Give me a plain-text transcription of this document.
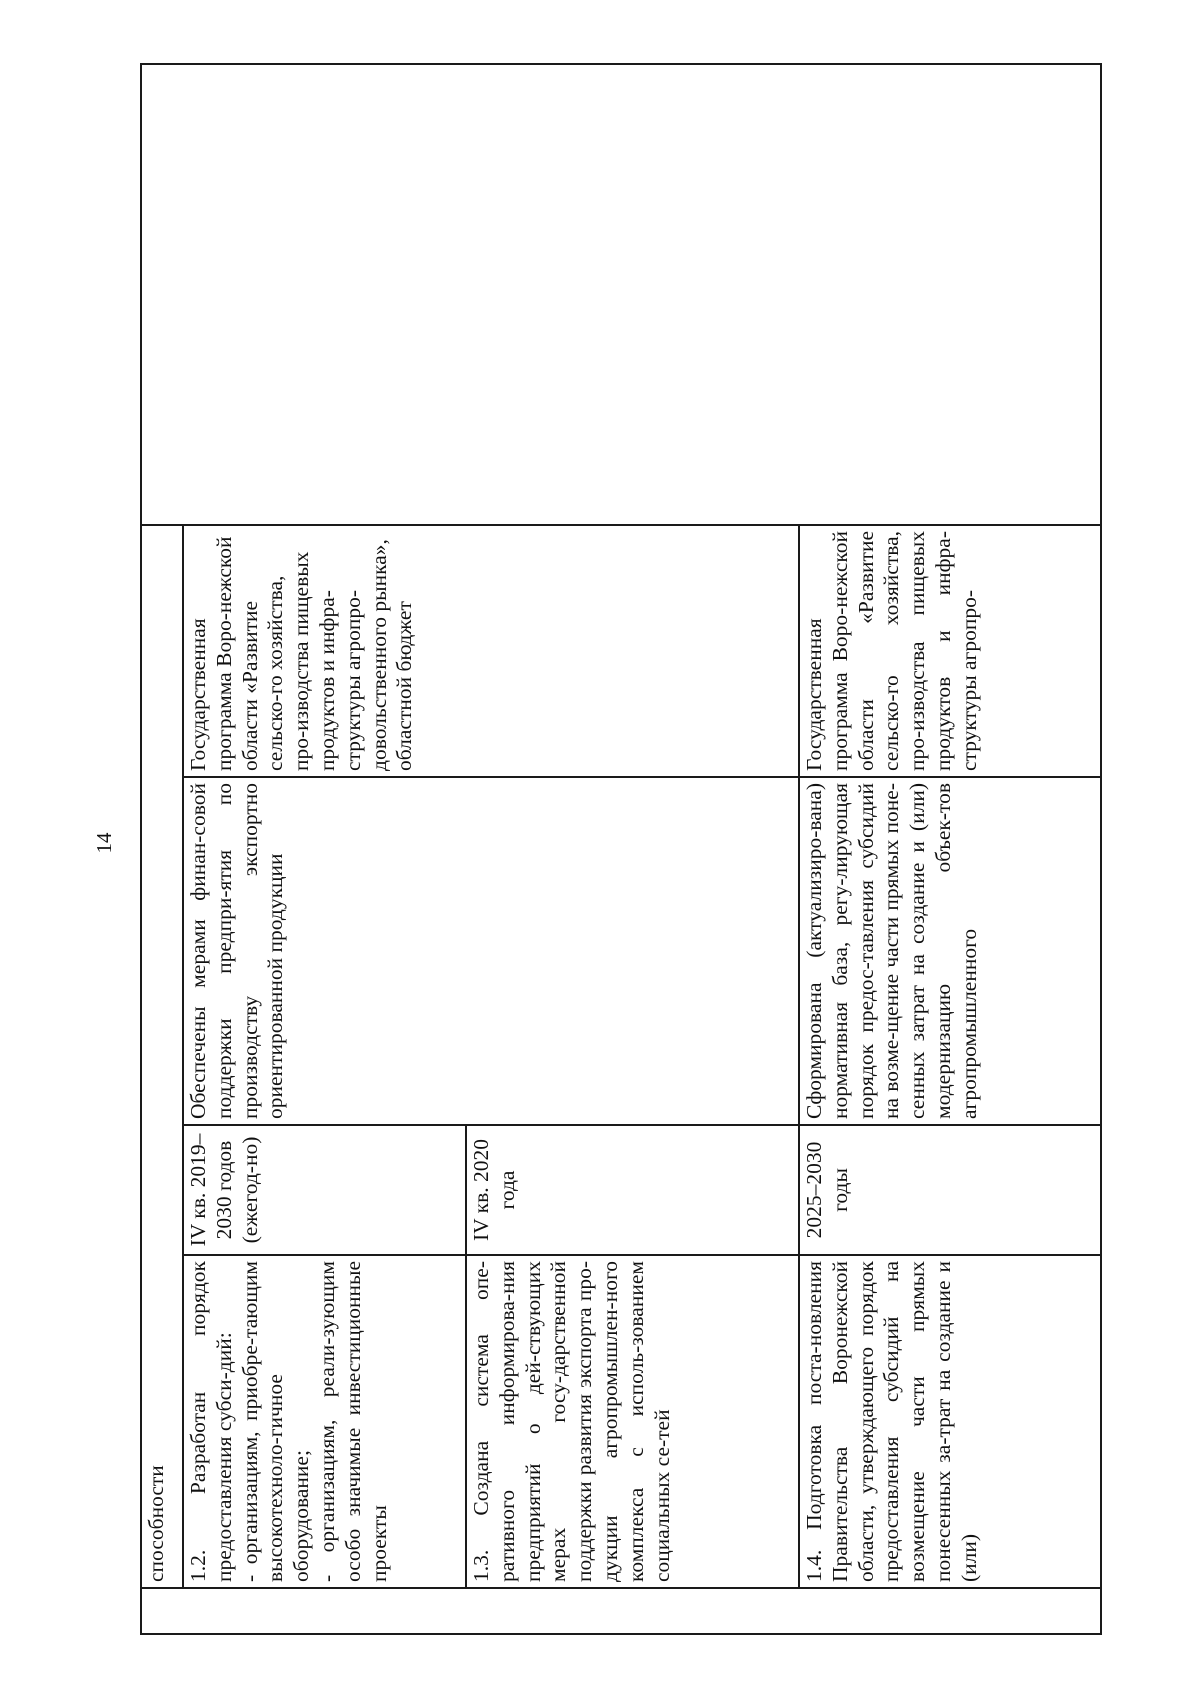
14
	способности				
	1.2. Разработан порядок предоставления субси-дий: - организациям, приобре-тающим высокотехноло-гичное оборудование; - организациям, реали-зующим особо значимые инвестиционные проекты	IV кв. 2019–2030 годов (ежегод-но)	Обеспечены мерами финан-совой поддержки предпри-ятия по производству экспортно ориентированной продукции	Государственная программа Воро-нежской области «Развитие сельско-го хозяйства, про-изводства пищевых продуктов и инфра-структуры агропро-довольственного рынка», областной бюджет	
	1.3. Создана система опе-ративного информирова-ния предприятий о дей-ствующих мерах госу-дарственной поддержки развития экспорта про-дукции агропромышлен-ного комплекса с исполь-зованием социальных се-тей	IV кв. 2020 года			
	1.4. Подготовка поста-новления Правительства Воронежской области, утверждающего порядок предоставления субсидий на возмещение части прямых понесенных за-трат на создание и (или)	2025–2030 годы	Сформирована (актуализиро-вана) нормативная база, регу-лирующая порядок предос-тавления субсидий на возме-щение части прямых поне-сенных затрат на создание и (или) модернизацию объек-тов агропромышленного	Государственная программа Воро-нежской области «Развитие сельско-го хозяйства, про-изводства пищевых продуктов и инфра-структуры агропро-	
